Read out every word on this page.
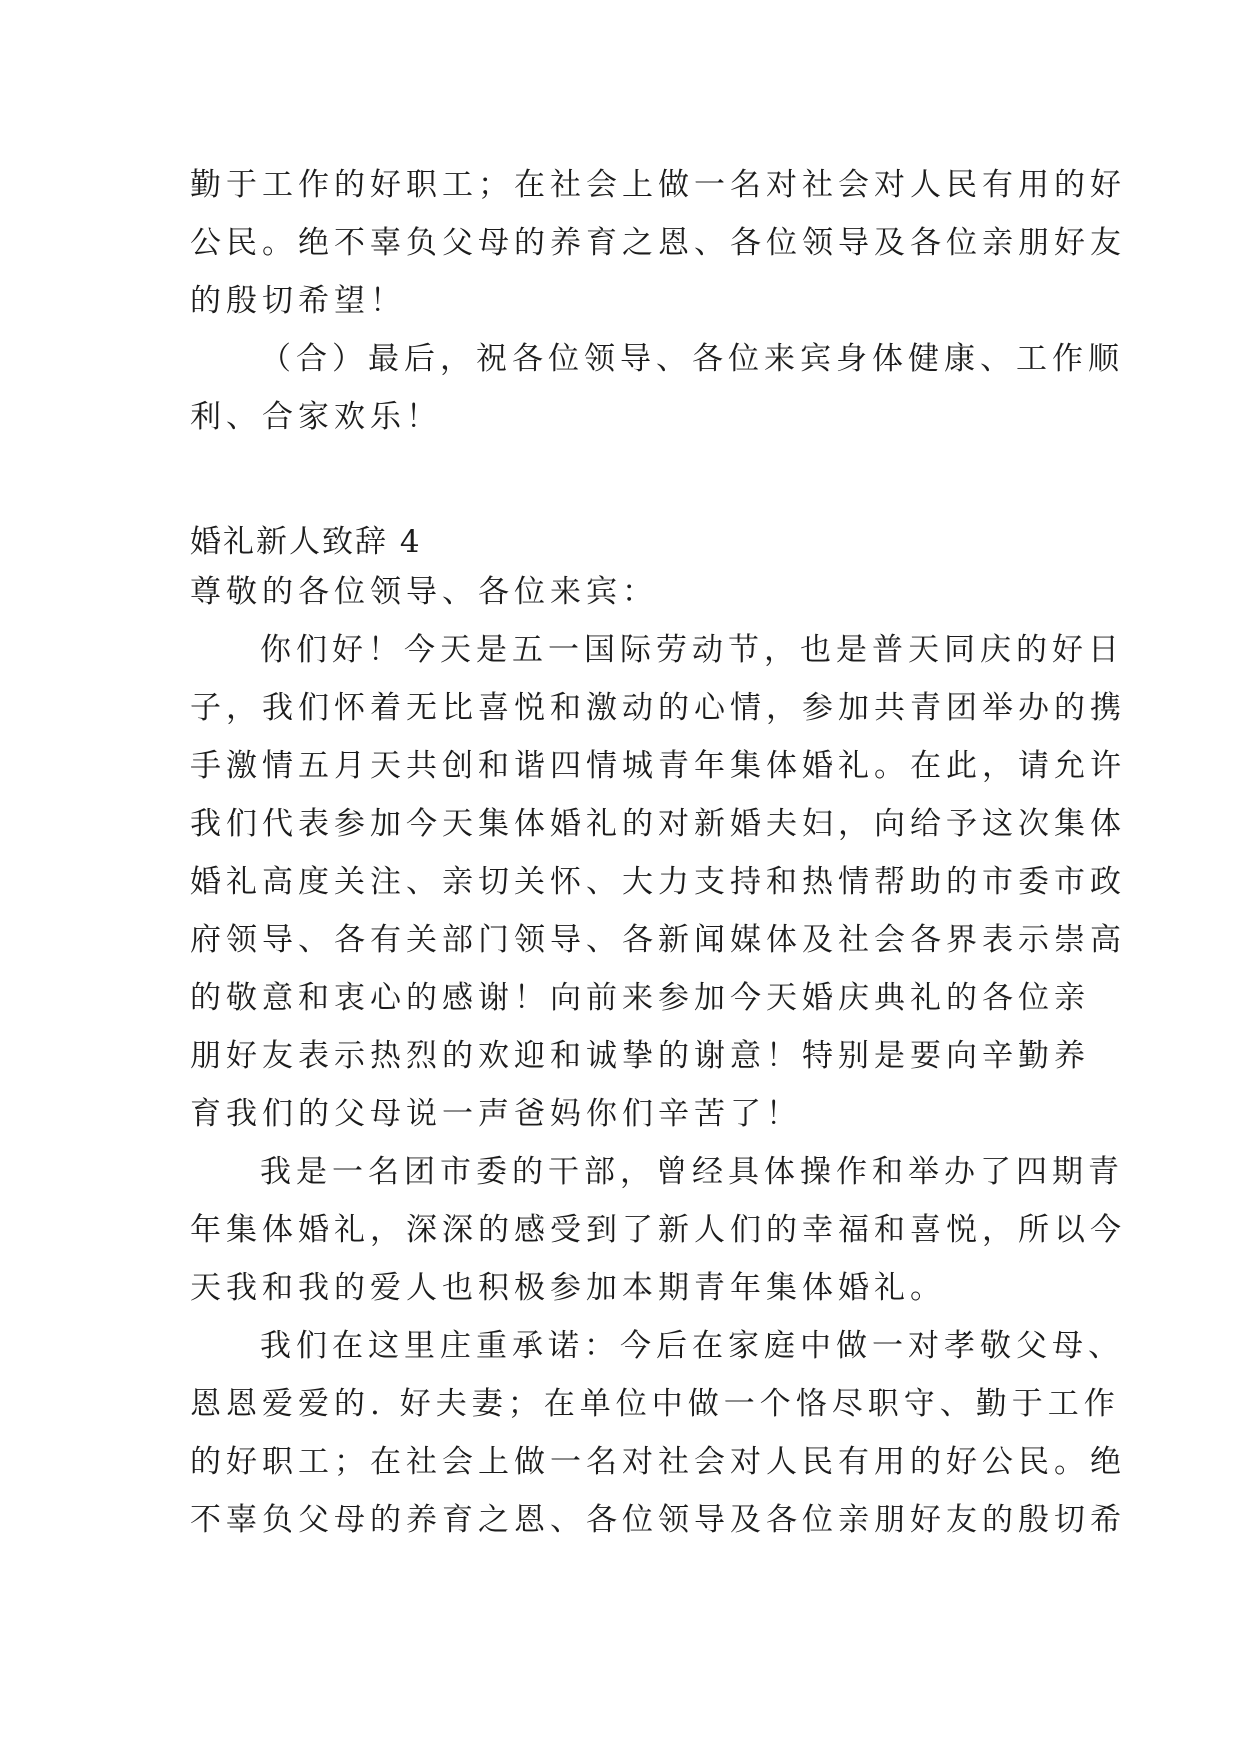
勤于工作的好职工；在社会上做一名对社会对人民有用的好
公民。绝不辜负父母的养育之恩、各位领导及各位亲朋好友
的殷切希望！
（合）最后，祝各位领导、各位来宾身体健康、工作顺
利、合家欢乐！
婚礼新人致辞 4
尊敬的各位领导、各位来宾：
你们好！今天是五一国际劳动节，也是普天同庆的好日
子，我们怀着无比喜悦和激动的心情，参加共青团举办的携
手激情五月天共创和谐四情城青年集体婚礼。在此，请允许
我们代表参加今天集体婚礼的对新婚夫妇，向给予这次集体
婚礼高度关注、亲切关怀、大力支持和热情帮助的市委市政
府领导、各有关部门领导、各新闻媒体及社会各界表示崇高
的敬意和衷心的感谢！向前来参加今天婚庆典礼的各位亲
朋好友表示热烈的欢迎和诚挚的谢意！特别是要向辛勤养
育我们的父母说一声爸妈你们辛苦了！
我是一名团市委的干部，曾经具体操作和举办了四期青
年集体婚礼，深深的感受到了新人们的幸福和喜悦，所以今
天我和我的爱人也积极参加本期青年集体婚礼。
我们在这里庄重承诺：今后在家庭中做一对孝敬父母、
恩恩爱爱的. 好夫妻；在单位中做一个恪尽职守、勤于工作
的好职工；在社会上做一名对社会对人民有用的好公民。绝
不辜负父母的养育之恩、各位领导及各位亲朋好友的殷切希
